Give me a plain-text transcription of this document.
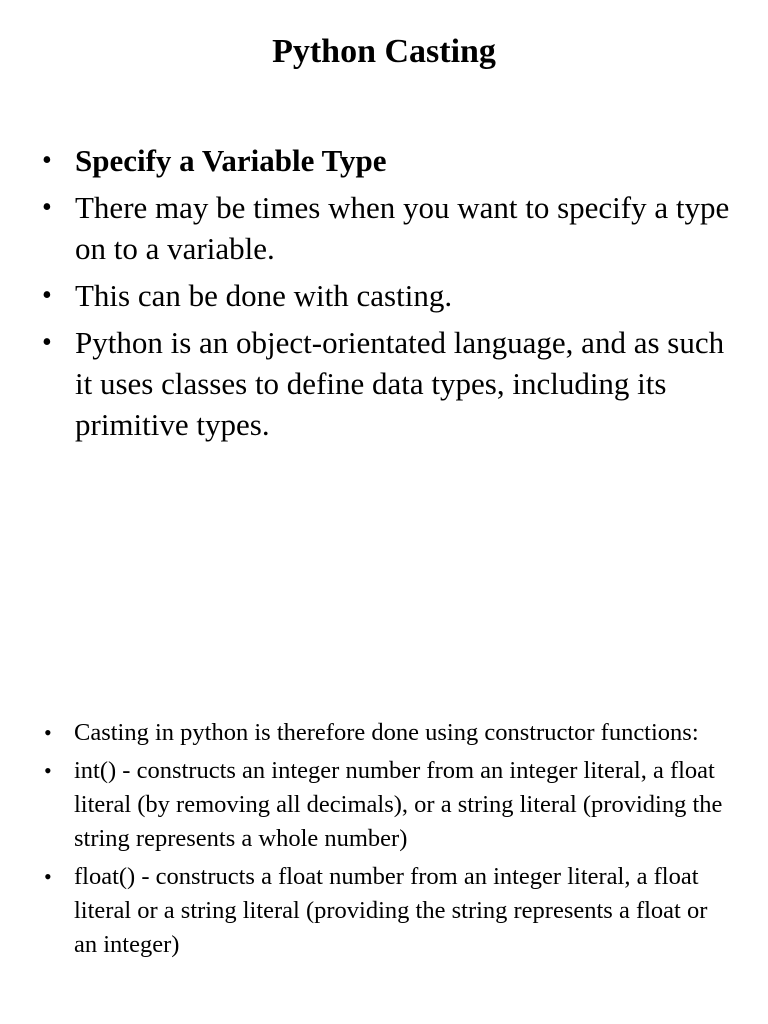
Python Casting
• Specify a Variable Type
• There may be times when you want to specify a type on to a variable.
• This can be done with casting.
• Python is an object-orientated language, and as such it uses classes to define data types, including its primitive types.
• Casting in python is therefore done using constructor functions:
• int() - constructs an integer number from an integer literal, a float literal (by removing all decimals), or a string literal (providing the string represents a whole number)
• float() - constructs a float number from an integer literal, a float literal or a string literal (providing the string represents a float or an integer)
